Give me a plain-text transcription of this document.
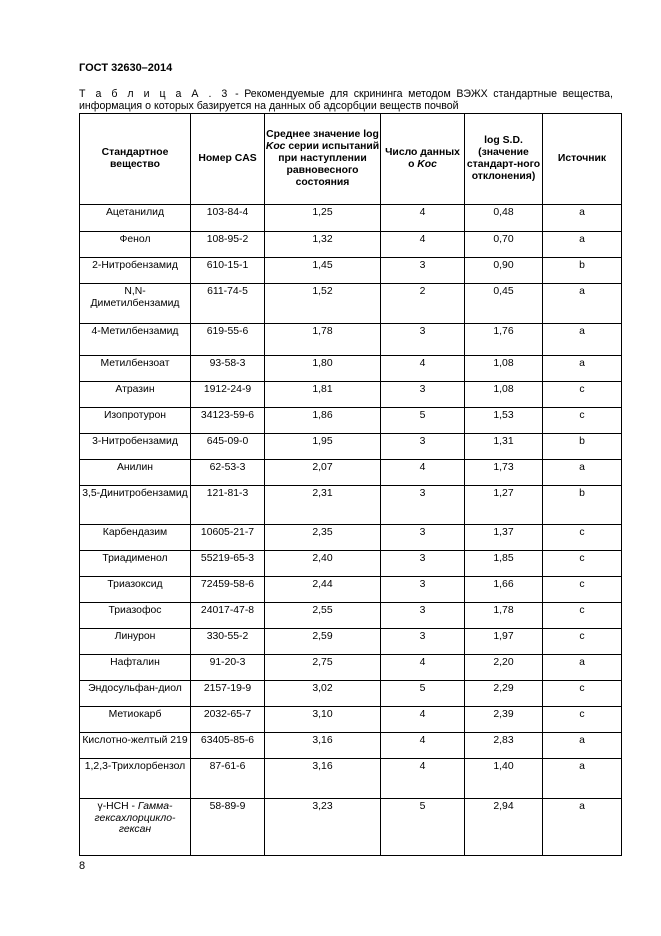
ГОСТ 32630–2014
Т а б л и ц а А . 3 - Рекомендуемые для скрининга методом ВЭЖХ стандартные вещества,
информация о которых базируется на данных об адсорбции веществ почвой
Стандартное вещество	Номер CAS	Среднее значение log Koc серии испытаний при наступлении равновесного состояния	Число данных о Koc	log S.D. (значение стандарт-ного отклонения)	Источник
Ацетанилид	103-84-4	1,25	4	0,48	a
Фенол	108-95-2	1,32	4	0,70	a
2-Нитробензамид	610-15-1	1,45	3	0,90	b
N,N-Диметилбензамид	611-74-5	1,52	2	0,45	a
4-Метилбензамид	619-55-6	1,78	3	1,76	a
Метилбензоат	93-58-3	1,80	4	1,08	a
Атразин	1912-24-9	1,81	3	1,08	c
Изопротурон	34123-59-6	1,86	5	1,53	c
3-Нитробензамид	645-09-0	1,95	3	1,31	b
Анилин	62-53-3	2,07	4	1,73	a
3,5-Динитробензамид	121-81-3	2,31	3	1,27	b
Карбендазим	10605-21-7	2,35	3	1,37	c
Триадименол	55219-65-3	2,40	3	1,85	c
Триазоксид	72459-58-6	2,44	3	1,66	c
Триазофос	24017-47-8	2,55	3	1,78	c
Линурон	330-55-2	2,59	3	1,97	c
Нафталин	91-20-3	2,75	4	2,20	a
Эндосульфан-диол	2157-19-9	3,02	5	2,29	c
Метиокарб	2032-65-7	3,10	4	2,39	c
Кислотно-желтый 219	63405-85-6	3,16	4	2,83	a
1,2,3-Трихлорбензол	87-61-6	3,16	4	1,40	a
γ-HCH - Гамма-гексахлорцикло-гексан	58-89-9	3,23	5	2,94	a
8
